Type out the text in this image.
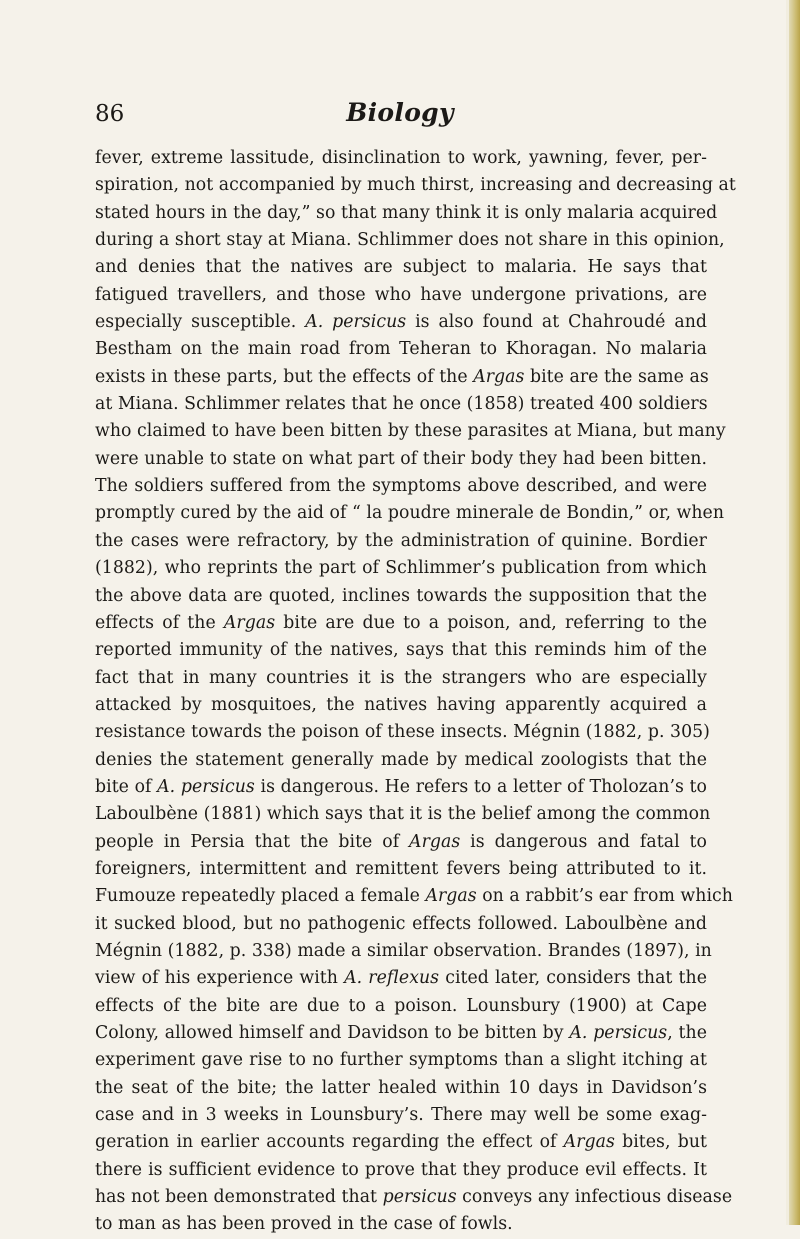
86	Biology
fever, extreme lassitude, disinclination to work, yawning, fever, per-
spiration, not accompanied by much thirst, increasing and decreasing at
stated hours in the day,” so that many think it is only malaria acquired
during a short stay at Miana. Schlimmer does not share in this opinion,
and denies that the natives are subject to malaria. He says that
fatigued travellers, and those who have undergone privations, are
especially susceptible. A. persicus is also found at Chahroudé and
Bestham on the main road from Teheran to Khoragan. No malaria
exists in these parts, but the effects of the Argas bite are the same as
at Miana. Schlimmer relates that he once (1858) treated 400 soldiers
who claimed to have been bitten by these parasites at Miana, but many
were unable to state on what part of their body they had been bitten.
The soldiers suffered from the symptoms above described, and were
promptly cured by the aid of “ la poudre minerale de Bondin,” or, when
the cases were refractory, by the administration of quinine. Bordier
(1882), who reprints the part of Schlimmer’s publication from which
the above data are quoted, inclines towards the supposition that the
effects of the Argas bite are due to a poison, and, referring to the
reported immunity of the natives, says that this reminds him of the
fact that in many countries it is the strangers who are especially
attacked by mosquitoes, the natives having apparently acquired a
resistance towards the poison of these insects. Mégnin (1882, p. 305)
denies the statement generally made by medical zoologists that the
bite of A. persicus is dangerous. He refers to a letter of Tholozan’s to
Laboulbène (1881) which says that it is the belief among the common
people in Persia that the bite of Argas is dangerous and fatal to
foreigners, intermittent and remittent fevers being attributed to it.
Fumouze repeatedly placed a female Argas on a rabbit’s ear from which
it sucked blood, but no pathogenic effects followed. Laboulbène and
Mégnin (1882, p. 338) made a similar observation. Brandes (1897), in
view of his experience with A. reflexus cited later, considers that the
effects of the bite are due to a poison. Lounsbury (1900) at Cape
Colony, allowed himself and Davidson to be bitten by A. persicus, the
experiment gave rise to no further symptoms than a slight itching at
the seat of the bite; the latter healed within 10 days in Davidson’s
case and in 3 weeks in Lounsbury’s. There may well be some exag-
geration in earlier accounts regarding the effect of Argas bites, but
there is sufficient evidence to prove that they produce evil effects. It
has not been demonstrated that persicus conveys any infectious disease
to man as has been proved in the case of fowls.
